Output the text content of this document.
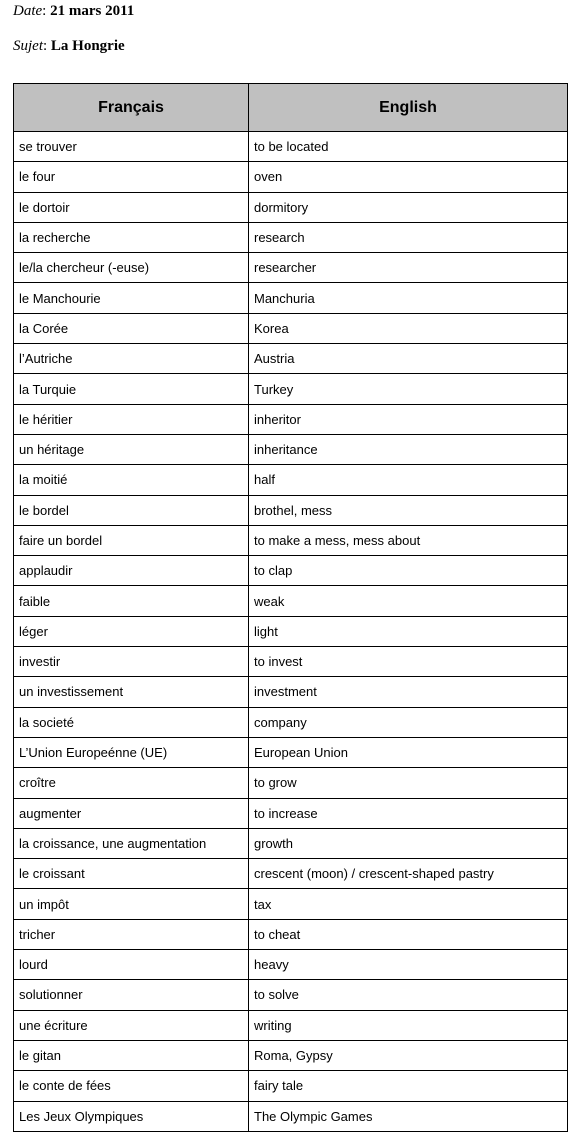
Date: 21 mars 2011
Sujet: La Hongrie
Français	English
se trouver	to be located
le four	oven
le dortoir	dormitory
la recherche	research
le/la chercheur (-euse)	researcher
le Manchourie	Manchuria
la Corée	Korea
l’Autriche	Austria
la Turquie	Turkey
le héritier	inheritor
un héritage	inheritance
la moitié	half
le bordel	brothel, mess
faire un bordel	to make a mess, mess about
applaudir	to clap
faible	weak
léger	light
investir	to invest
un investissement	investment
la societé	company
L’Union Europeénne (UE)	European Union
croître	to grow
augmenter	to increase
la croissance, une augmentation	growth
le croissant	crescent (moon) / crescent-shaped pastry
un impôt	tax
tricher	to cheat
lourd	heavy
solutionner	to solve
une écriture	writing
le gitan	Roma, Gypsy
le conte de fées	fairy tale
Les Jeux Olympiques	The Olympic Games
